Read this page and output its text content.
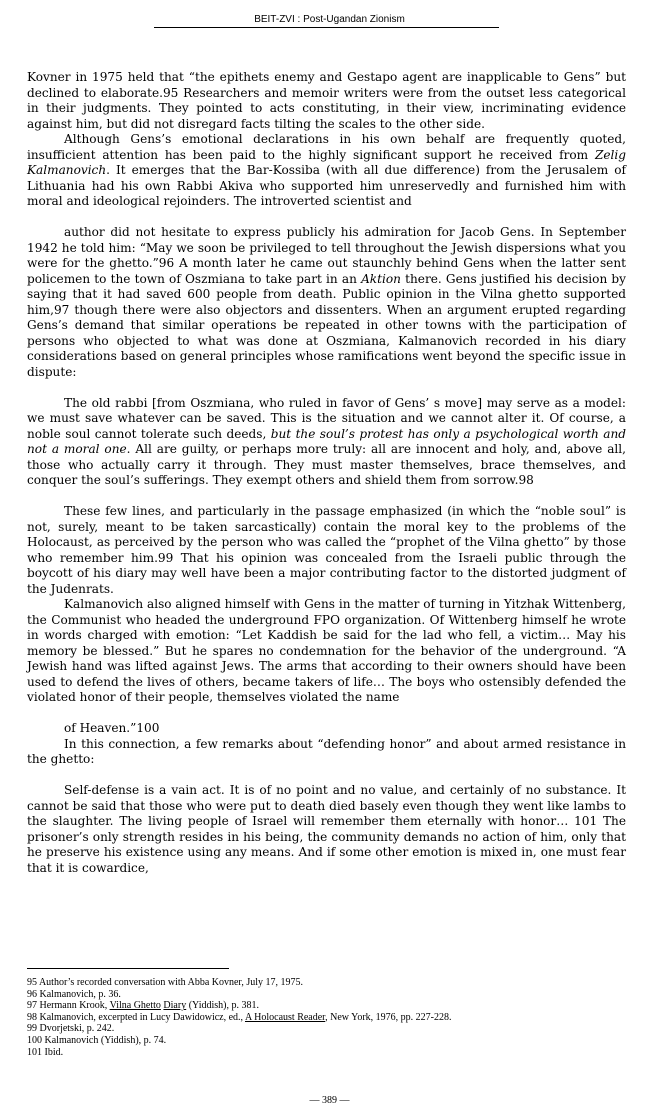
BEIT-ZVI : Post-Ugandan Zionism

Kovner in 1975 held that “the epithets enemy and Gestapo agent are inapplicable to Gens” but declined to elaborate.95 Researchers and memoir writers were from the outset less categorical in their judgments. They pointed to acts constituting, in their view, incriminating evidence against him, but did not disregard facts tilting the scales to the other side.

Although Gens’s emotional declarations in his own behalf are frequently quoted, insufficient attention has been paid to the highly significant support he received from Zelig Kalmanovich. It emerges that the Bar-Kossiba (with all due difference) from the Jerusalem of Lithuania had his own Rabbi Akiva who supported him unreservedly and furnished him with moral and ideological rejoinders. The introverted scientist and

author did not hesitate to express publicly his admiration for Jacob Gens. In September 1942 he told him: “May we soon be privileged to tell throughout the Jewish dispersions what you were for the ghetto.”96 A month later he came out staunchly behind Gens when the latter sent policemen to the town of Oszmiana to take part in an Aktion there. Gens justified his decision by saying that it had saved 600 people from death. Public opinion in the Vilna ghetto supported him,97 though there were also objectors and dissenters. When an argument erupted regarding Gens’s demand that similar operations be repeated in other towns with the participation of persons who objected to what was done at Oszmiana, Kalmanovich recorded in his diary considerations based on general principles whose ramifications went beyond the specific issue in dispute:

The old rabbi [from Oszmiana, who ruled in favor of Gens’ s move] may serve as a model: we must save whatever can be saved. This is the situation and we cannot alter it. Of course, a noble soul cannot tolerate such deeds, but the soul’s protest has only a psychological worth and not a moral one. All are guilty, or perhaps more truly: all are innocent and holy, and, above all, those who actually carry it through. They must master themselves, brace themselves, and conquer the soul’s sufferings. They exempt others and shield them from sorrow.98

These few lines, and particularly in the passage emphasized (in which the “noble soul” is not, surely, meant to be taken sarcastically) contain the moral key to the problems of the Holocaust, as perceived by the person who was called the “prophet of the Vilna ghetto” by those who remember him.99 That his opinion was concealed from the Israeli public through the boycott of his diary may well have been a major contributing factor to the distorted judgment of the Judenrats.

Kalmanovich also aligned himself with Gens in the matter of turning in Yitzhak Wittenberg, the Communist who headed the underground FPO organization. Of Wittenberg himself he wrote in words charged with emotion: “Let Kaddish be said for the lad who fell, a victim… May his memory be blessed.” But he spares no condemnation for the behavior of the underground. “A Jewish hand was lifted against Jews. The arms that according to their owners should have been used to defend the lives of others, became takers of life… The boys who ostensibly defended the violated honor of their people, themselves violated the name

of Heaven.”100

In this connection, a few remarks about “defending honor” and about armed resistance in the ghetto:

Self-defense is a vain act. It is of no point and no value, and certainly of no substance. It cannot be said that those who were put to death died basely even though they went like lambs to the slaughter. The living people of Israel will remember them eternally with honor… 101 The prisoner’s only strength resides in his being, the community demands no action of him, only that he preserve his existence using any means. And if some other emotion is mixed in, one must fear that it is cowardice,

95 Author’s recorded conversation with Abba Kovner, July 17, 1975.
96 Kalmanovich, p. 36.
97 Hermann Krook, Vilna Ghetto Diary (Yiddish), p. 381.
98 Kalmanovich, excerpted in Lucy Dawidowicz, ed., A Holocaust Reader, New York, 1976, pp. 227-228.
99 Dvorjetski, p. 242.
100 Kalmanovich (Yiddish), p. 74.
101 Ibid.
— 389 —
